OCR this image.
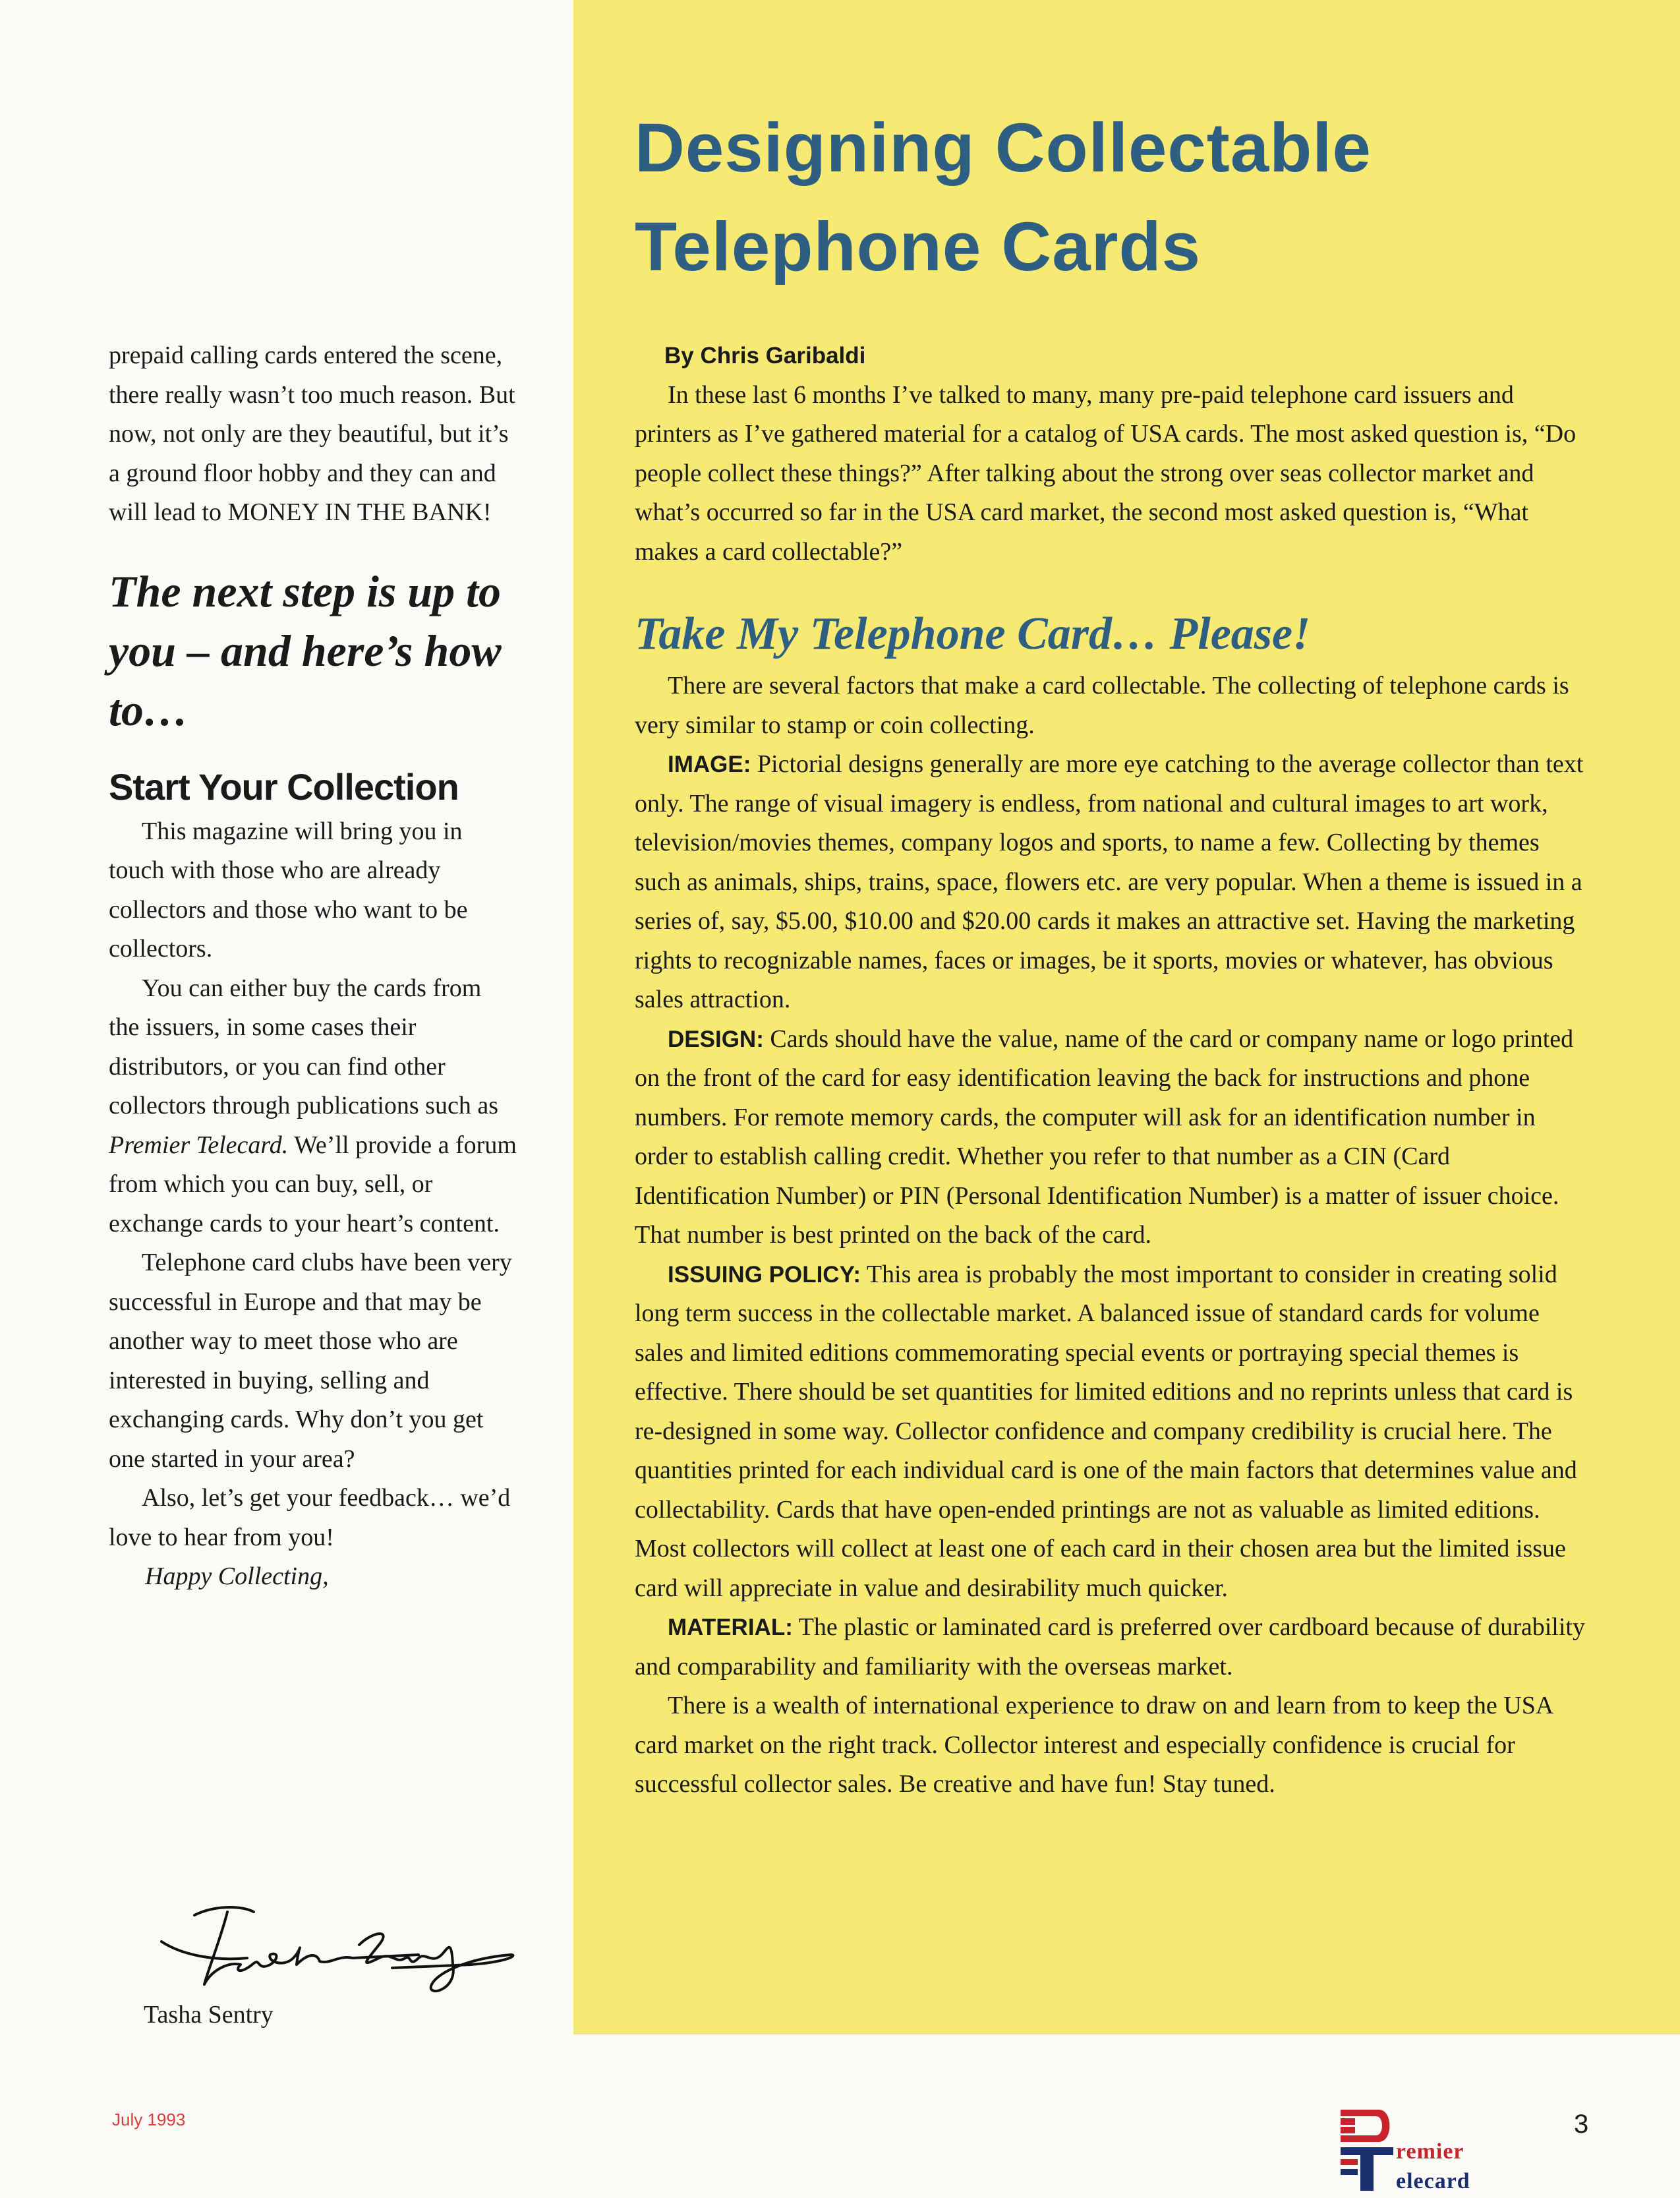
prepaid calling cards entered the scene, there really wasn’t too much reason. But now, not only are they beautiful, but it’s a ground floor hobby and they can and will lead to MONEY IN THE BANK!

The next step is up to you – and here’s how to…
Start Your Collection

This magazine will bring you in touch with those who are already collectors and those who want to be collectors.

You can either buy the cards from the issuers, in some cases their distributors, or you can find other collectors through publications such as Premier Telecard. We’ll provide a forum from which you can buy, sell, or exchange cards to your heart’s content.

Telephone card clubs have been very successful in Europe and that may be another way to meet those who are interested in buying, selling and exchanging cards. Why don’t you get one started in your area?

Also, let’s get your feedback… we’d love to hear from you!

Happy Collecting,

Tasha Sentry
July 1993
Designing Collectable Telephone Cards

By Chris Garibaldi

In these last 6 months I’ve talked to many, many pre-paid telephone card issuers and printers as I’ve gathered material for a catalog of USA cards. The most asked question is, “Do people collect these things?” After talking about the strong over seas collector market and what’s occurred so far in the USA card market, the second most asked question is, “What makes a card collectable?”

Take My Telephone Card… Please!

There are several factors that make a card collectable. The collecting of telephone cards is very similar to stamp or coin collecting.

IMAGE: Pictorial designs generally are more eye catching to the average collector than text only. The range of visual imagery is endless, from national and cultural images to art work, television/movies themes, company logos and sports, to name a few. Collecting by themes such as animals, ships, trains, space, flowers etc. are very popular. When a theme is issued in a series of, say, $5.00, $10.00 and $20.00 cards it makes an attractive set. Having the marketing rights to recognizable names, faces or images, be it sports, movies or whatever, has obvious sales attraction.

DESIGN: Cards should have the value, name of the card or company name or logo printed on the front of the card for easy identification leaving the back for instructions and phone numbers. For remote memory cards, the computer will ask for an identification number in order to establish calling credit. Whether you refer to that number as a CIN (Card Identification Number) or PIN (Personal Identification Number) is a matter of issuer choice. That number is best printed on the back of the card.

ISSUING POLICY: This area is probably the most important to consider in creating solid long term success in the collectable market. A balanced issue of standard cards for volume sales and limited editions commemorating special events or portraying special themes is effective. There should be set quantities for limited editions and no reprints unless that card is re-designed in some way. Collector confidence and company credibility is crucial here. The quantities printed for each individual card is one of the main factors that determines value and collectability. Cards that have open-ended printings are not as valuable as limited editions. Most collectors will collect at least one of each card in their chosen area but the limited issue card will appreciate in value and desirability much quicker.

MATERIAL: The plastic or laminated card is preferred over cardboard because of durability and comparability and familiarity with the overseas market.

There is a wealth of international experience to draw on and learn from to keep the USA card market on the right track. Collector interest and especially confidence is crucial for successful collector sales. Be creative and have fun! Stay tuned.

remier
elecard
3
